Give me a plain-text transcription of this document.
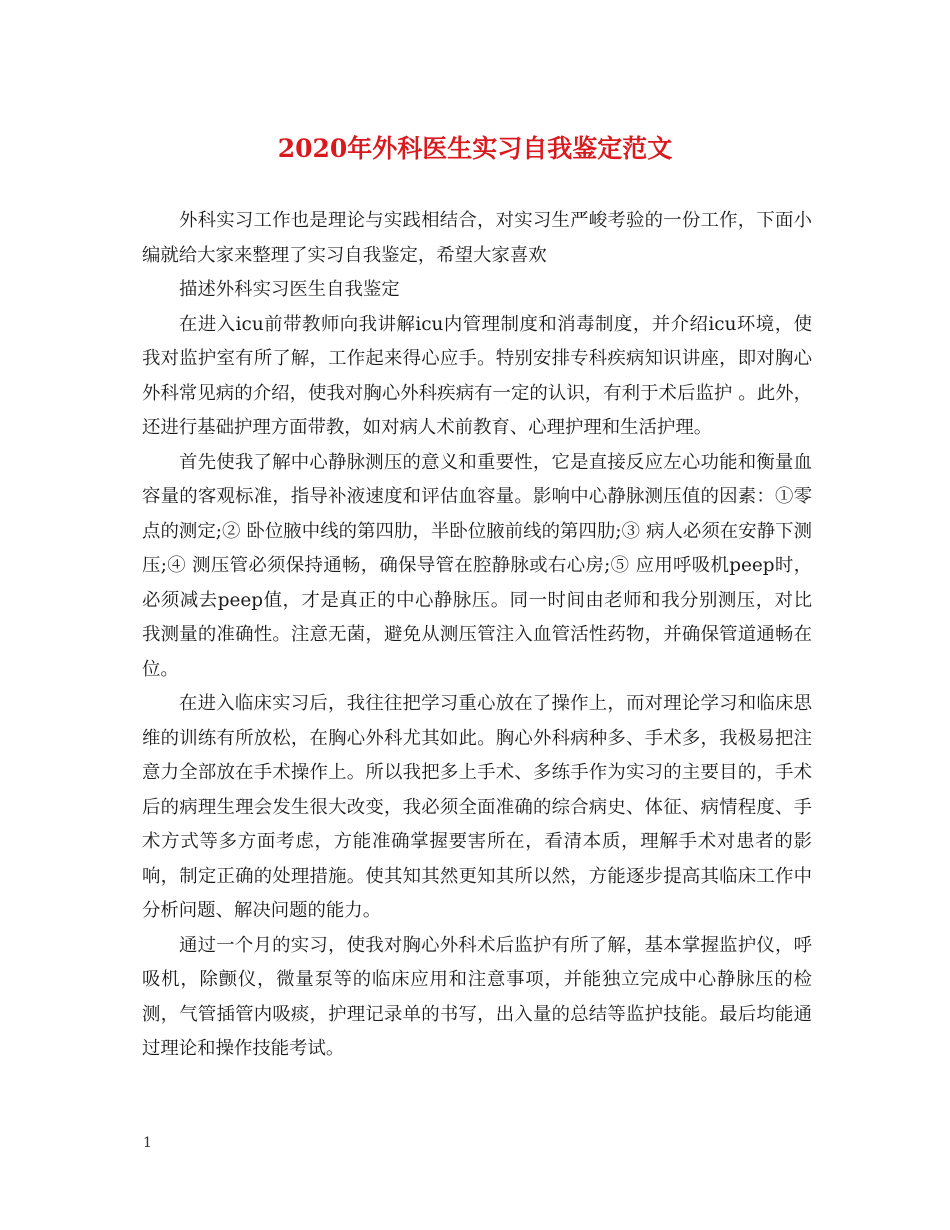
2020年外科医生实习自我鉴定范文

外科实习工作也是理论与实践相结合，对实习生严峻考验的一份工作，下面小编就给大家来整理了实习自我鉴定，希望大家喜欢

描述外科实习医生自我鉴定

在进入icu前带教师向我讲解icu内管理制度和消毒制度，并介绍icu环境，使我对监护室有所了解，工作起来得心应手。特别安排专科疾病知识讲座，即对胸心外科常见病的介绍，使我对胸心外科疾病有一定的认识，有利于术后监护 。此外，还进行基础护理方面带教，如对病人术前教育、心理护理和生活护理。

首先使我了解中心静脉测压的意义和重要性，它是直接反应左心功能和衡量血容量的客观标准，指导补液速度和评估血容量。影响中心静脉测压值的因素：①零点的测定;② 卧位腋中线的第四肋，半卧位腋前线的第四肋;③ 病人必须在安静下测压;④ 测压管必须保持通畅，确保导管在腔静脉或右心房;⑤ 应用呼吸机peep时，必须减去peep值，才是真正的中心静脉压。同一时间由老师和我分别测压，对比我测量的准确性。注意无菌，避免从测压管注入血管活性药物，并确保管道通畅在位。

在进入临床实习后，我往往把学习重心放在了操作上，而对理论学习和临床思维的训练有所放松，在胸心外科尤其如此。胸心外科病种多、手术多，我极易把注意力全部放在手术操作上。所以我把多上手术、多练手作为实习的主要目的，手术后的病理生理会发生很大改变，我必须全面准确的综合病史、体征、病情程度、手术方式等多方面考虑，方能准确掌握要害所在，看清本质，理解手术对患者的影响，制定正确的处理措施。使其知其然更知其所以然，方能逐步提高其临床工作中分析问题、解决问题的能力。

通过一个月的实习，使我对胸心外科术后监护有所了解，基本掌握监护仪，呼吸机，除颤仪，微量泵等的临床应用和注意事项，并能独立完成中心静脉压的检测，气管插管内吸痰，护理记录单的书写，出入量的总结等监护技能。最后均能通过理论和操作技能考试。

1
